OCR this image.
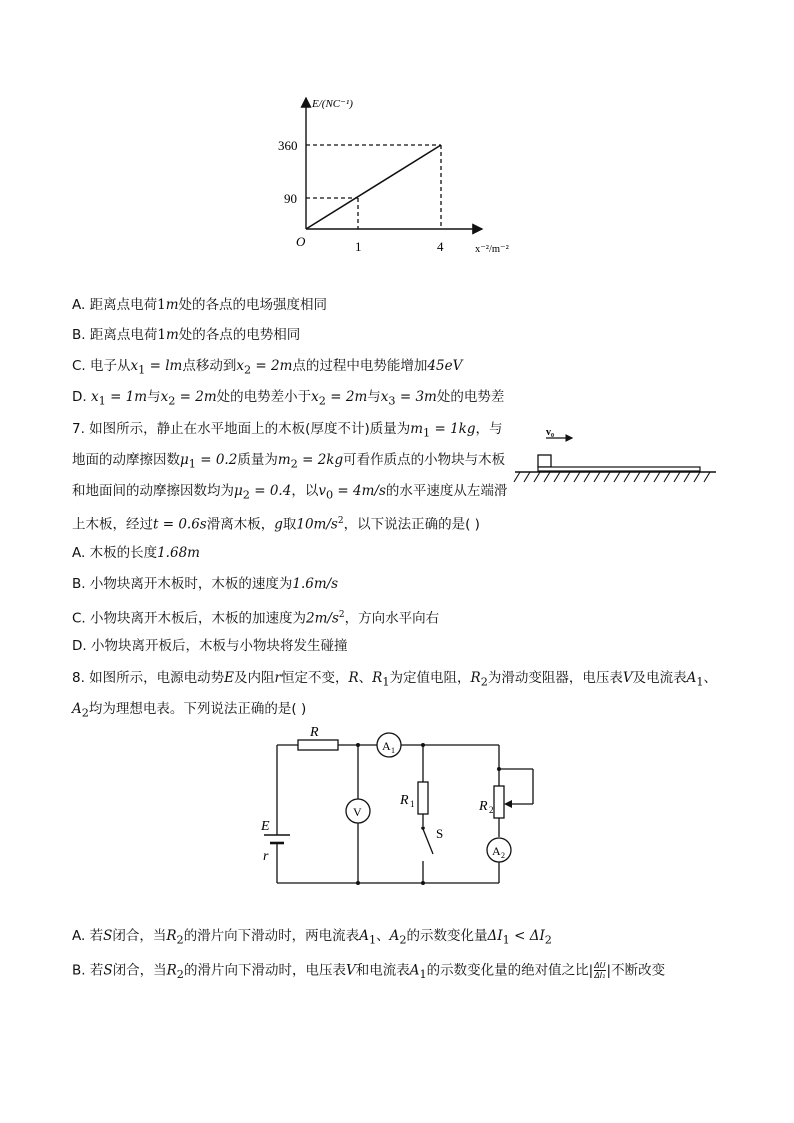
E/(NC⁻¹)
x⁻²/m⁻²
O
360
90
1	4
A. 距离点电荷1m处的各点的电场强度相同
B. 距离点电荷1m处的各点的电势相同
C. 电子从$x_1$ = lm点移动到$x_2 = 2m$点的过程中电势能增加45eV
D. $x_1 = 1m$与$x_2 = 2m$处的电势差小于$x_2 = 2m$与$x_3 = 3m$处的电势差
7. 如图所示，静止在水平地面上的木板(厚度不计)质量为$m_1 = 1kg$，与
地面的动摩擦因数$\mu_1 = 0.2$质量为$m_2 = 2kg$可看作质点的小物块与木板
和地面间的动摩擦因数均为$\mu_2 = 0.4$，以$v_0 = 4m/s$的水平速度从左端滑
上木板，经过t = 0.6s滑离木板，g取$10m/s^2$，以下说法正确的是( )
v₀
A. 木板的长度1.68m
B. 小物块离开木板时，木板的速度为1.6m/s
C. 小物块离开木板后，木板的加速度为$2m/s^2$，方向水平向右
D. 小物块离开板后，木板与小物块将发生碰撞
8. 如图所示，电源电动势E及内阻r恒定不变，R、$R_1$为定值电阻，$R_2$为滑动变阻器，电压表V及电流表$A_1$、
$A_2$均为理想电表。下列说法正确的是( )
R
A 1
V
R 1
S
R 2
A 2
E
r
A. 若S闭合，当$R_2$的滑片向下滑动时，两电流表$A_1$、$A_2$的示数变化量$\Delta I_1 < \Delta I_2$
B. 若S闭合，当$R_2$的滑片向下滑动时，电压表V和电流表$A_1$的示数变化量的绝对值之比| $\frac{\Delta U}{\text{ΔI₁}}$ |不断改变
